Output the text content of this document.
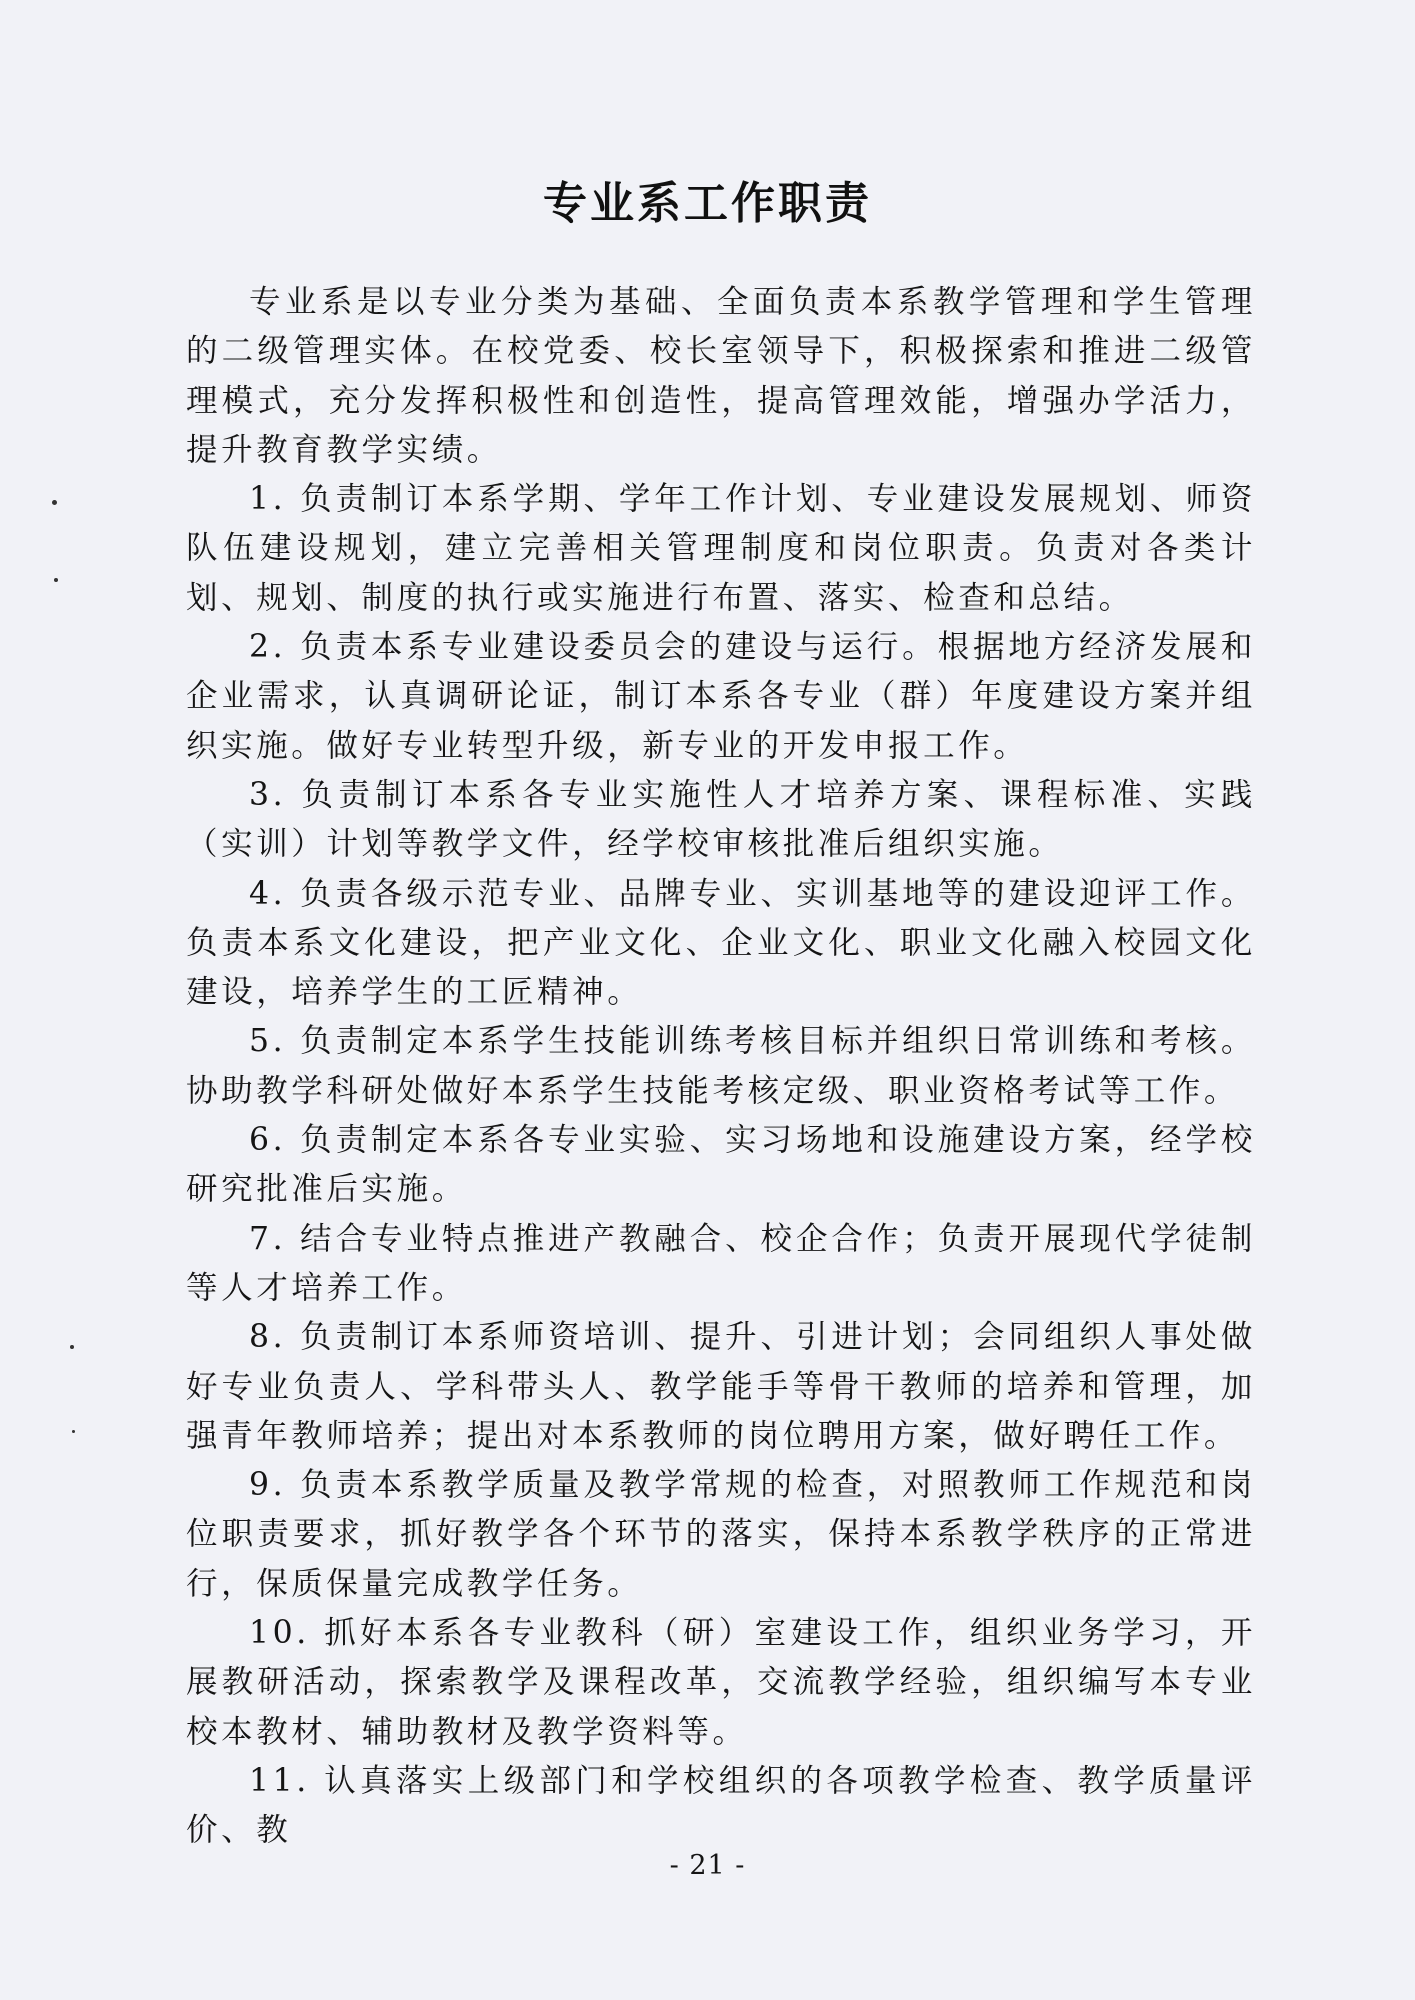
专业系工作职责

专业系是以专业分类为基础、全面负责本系教学管理和学生管理的二级管理实体。在校党委、校长室领导下，积极探索和推进二级管理模式，充分发挥积极性和创造性，提高管理效能，增强办学活力，提升教育教学实绩。

1. 负责制订本系学期、学年工作计划、专业建设发展规划、师资队伍建设规划，建立完善相关管理制度和岗位职责。负责对各类计划、规划、制度的执行或实施进行布置、落实、检查和总结。

2. 负责本系专业建设委员会的建设与运行。根据地方经济发展和企业需求，认真调研论证，制订本系各专业（群）年度建设方案并组织实施。做好专业转型升级，新专业的开发申报工作。

3. 负责制订本系各专业实施性人才培养方案、课程标准、实践（实训）计划等教学文件，经学校审核批准后组织实施。

4. 负责各级示范专业、品牌专业、实训基地等的建设迎评工作。负责本系文化建设，把产业文化、企业文化、职业文化融入校园文化建设，培养学生的工匠精神。

5. 负责制定本系学生技能训练考核目标并组织日常训练和考核。协助教学科研处做好本系学生技能考核定级、职业资格考试等工作。

6. 负责制定本系各专业实验、实习场地和设施建设方案，经学校研究批准后实施。

7. 结合专业特点推进产教融合、校企合作；负责开展现代学徒制等人才培养工作。

8. 负责制订本系师资培训、提升、引进计划；会同组织人事处做好专业负责人、学科带头人、教学能手等骨干教师的培养和管理，加强青年教师培养；提出对本系教师的岗位聘用方案，做好聘任工作。

9. 负责本系教学质量及教学常规的检查，对照教师工作规范和岗位职责要求，抓好教学各个环节的落实，保持本系教学秩序的正常进行，保质保量完成教学任务。

10. 抓好本系各专业教科（研）室建设工作，组织业务学习，开展教研活动，探索教学及课程改革，交流教学经验，组织编写本专业校本教材、辅助教材及教学资料等。

11. 认真落实上级部门和学校组织的各项教学检查、教学质量评价、教

- 21 -
